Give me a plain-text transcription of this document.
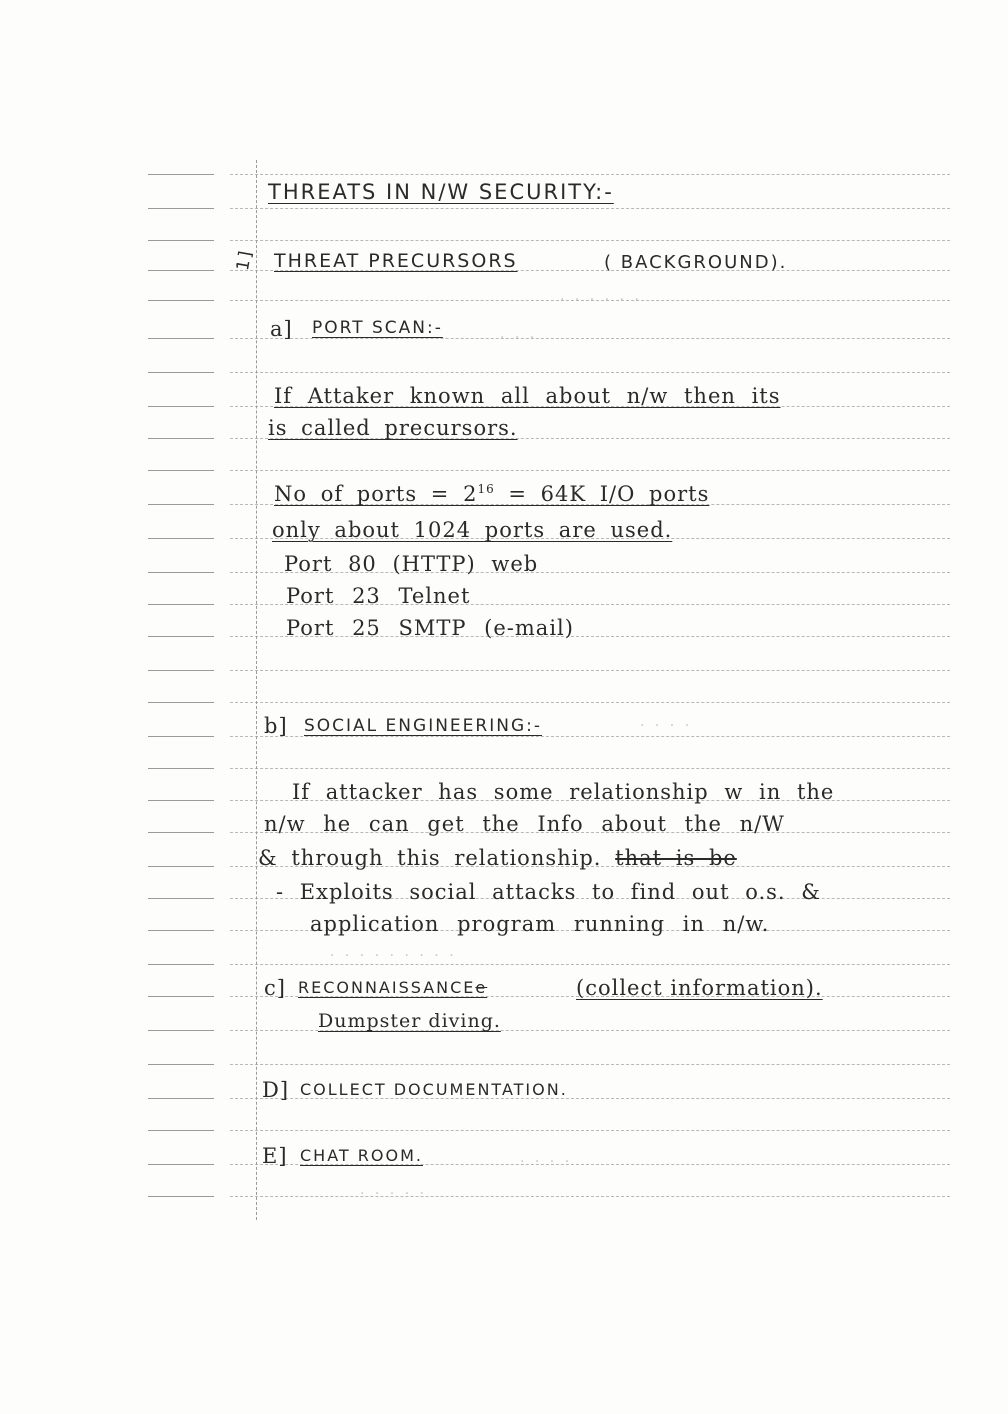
· · · · · ·
· · ·
· · · ·
· · · · · · · · ·
· · · ·
· · · · ·
THREATS IN N/W SECURITY:-
1] THREAT PRECURSORS	( BACKGROUND).
a] PORT SCAN:-
If Attaker known all about n/w then its
is called precursors.
No of ports = $2^{16} = 64K$ I/O ports
only about 1024 ports are used.
Port 80 (HTTP) web
Port 23 Telnet
Port 25 SMTP (e-mail)
b] SOCIAL ENGINEERING:-
If attacker has some relationship w in the
n/w he can get the Info about the n/W
& through this relationship. that is be
- Exploits social attacks to find out o.s. &
application program running in n/w.
c] RECONNAISSANCEe	(collect information).
Dumpster diving.
D] COLLECT DOCUMENTATION.
E] CHAT ROOM.
